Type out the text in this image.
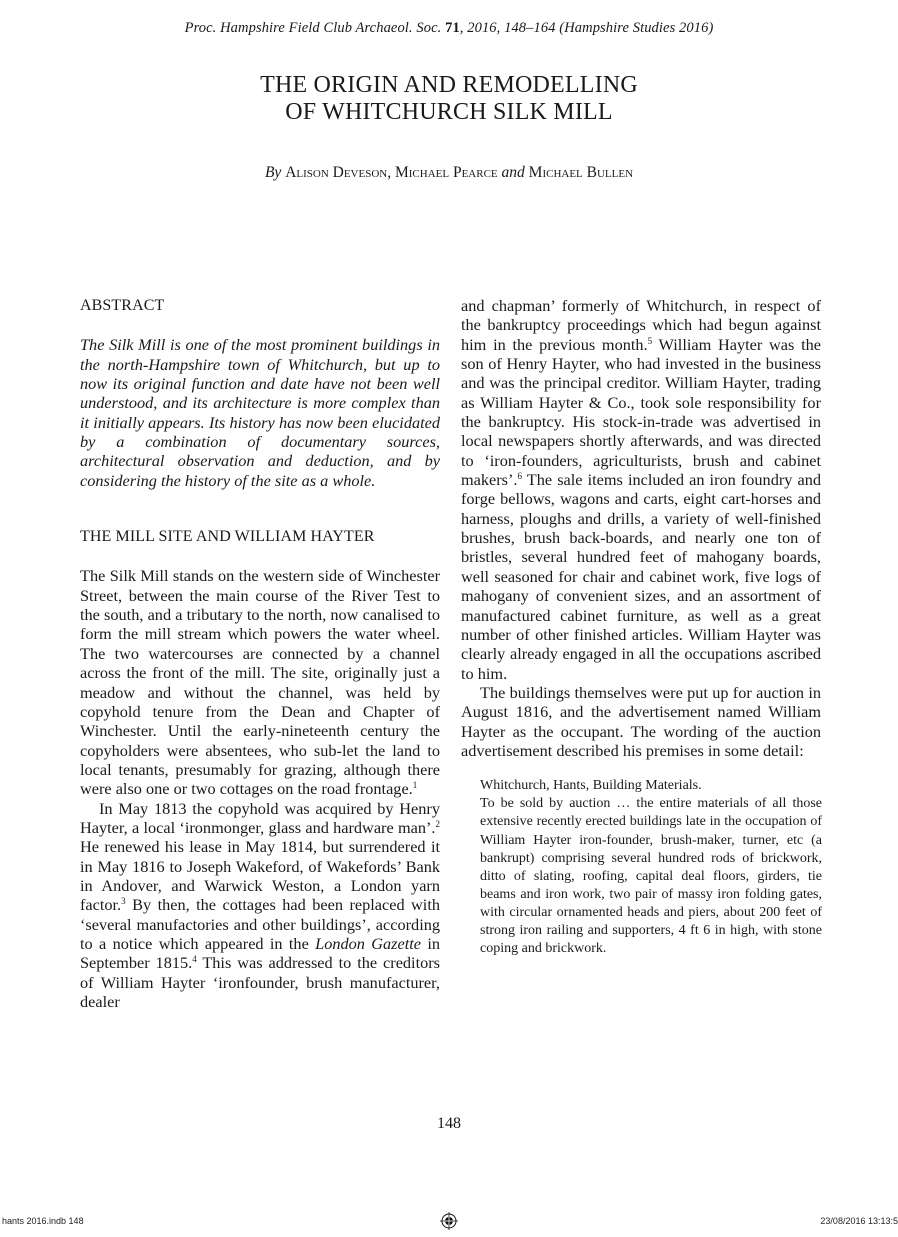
Proc. Hampshire Field Club Archaeol. Soc. 71, 2016, 148–164 (Hampshire Studies 2016)
THE ORIGIN AND REMODELLING
OF WHITCHURCH SILK MILL
By Alison Deveson, Michael Pearce and Michael Bullen
ABSTRACT

The Silk Mill is one of the most prominent buildings in the north-Hampshire town of Whitchurch, but up to now its original function and date have not been well understood, and its architecture is more complex than it initially appears. Its history has now been elucidated by a combination of documentary sources, architectural observation and deduction, and by considering the history of the site as a whole.

THE MILL SITE AND WILLIAM HAYTER

The Silk Mill stands on the western side of Winchester Street, between the main course of the River Test to the south, and a tributary to the north, now canalised to form the mill stream which powers the water wheel. The two watercourses are connected by a channel across the front of the mill. The site, originally just a meadow and without the channel, was held by copyhold tenure from the Dean and Chapter of Winchester. Until the early-nineteenth century the copyholders were absentees, who sub-let the land to local tenants, presumably for grazing, although there were also one or two cottages on the road frontage.$^1$

In May 1813 the copyhold was acquired by Henry Hayter, a local ‘ironmonger, glass and hardware man’.$^2$ He renewed his lease in May 1814, but surrendered it in May 1816 to Joseph Wakeford, of Wakefords’ Bank in Andover, and Warwick Weston, a London yarn factor.$^3$ By then, the cottages had been replaced with ‘several manufactories and other buildings’, according to a notice which appeared in the London Gazette in September 1815.$^4$ This was addressed to the creditors of William Hayter ‘ironfounder, brush manufacturer, dealer

and chapman’ formerly of Whitchurch, in respect of the bankruptcy proceedings which had begun against him in the previous month.$^5$ William Hayter was the son of Henry Hayter, who had invested in the business and was the principal creditor. William Hayter, trading as William Hayter & Co., took sole responsibility for the bankruptcy. His stock-in-trade was advertised in local newspapers shortly afterwards, and was directed to ‘iron-founders, agriculturists, brush and cabinet makers’.$^6$ The sale items included an iron foundry and forge bellows, wagons and carts, eight cart-horses and harness, ploughs and drills, a variety of well-finished brushes, brush back-boards, and nearly one ton of bristles, several hundred feet of mahogany boards, well seasoned for chair and cabinet work, five logs of mahogany of convenient sizes, and an assortment of manufactured cabinet furniture, as well as a great number of other finished articles. William Hayter was clearly already engaged in all the occupations ascribed to him.

The buildings themselves were put up for auction in August 1816, and the advertisement named William Hayter as the occupant. The wording of the auction advertisement described his premises in some detail:

Whitchurch, Hants, Building Materials.

To be sold by auction … the entire materials of all those extensive recently erected buildings late in the occupation of William Hayter iron-founder, brush-maker, turner, etc (a bankrupt) comprising several hundred rods of brickwork, ditto of slating, roofing, capital deal floors, girders, tie beams and iron work, two pair of massy iron folding gates, with circular ornamented heads and piers, about 200 feet of strong iron railing and supporters, 4 ft 6 in high, with stone coping and brickwork.

148
hants 2016.indb 148	23/08/2016 13:13:5
